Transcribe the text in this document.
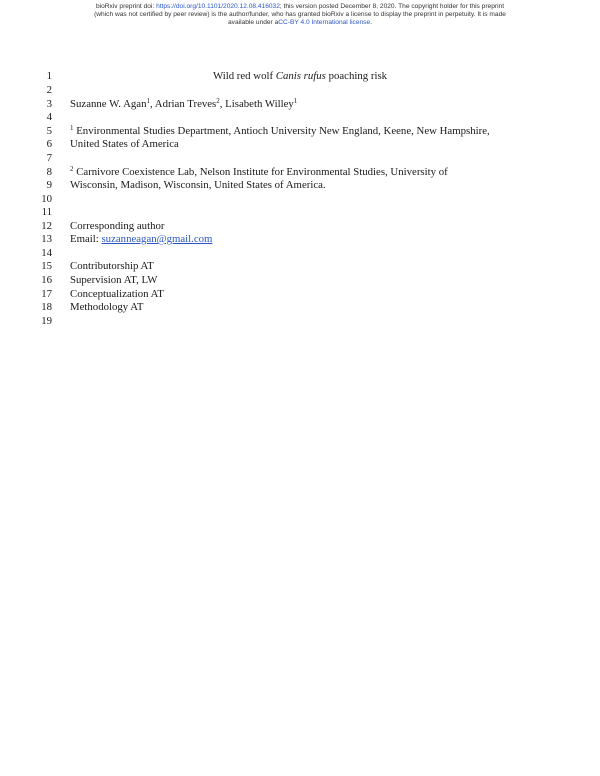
bioRxiv preprint doi: https://doi.org/10.1101/2020.12.08.416032; this version posted December 8, 2020. The copyright holder for this preprint
(which was not certified by peer review) is the author/funder, who has granted bioRxiv a license to display the preprint in perpetuity. It is made
available under aCC-BY 4.0 International license.
1
2
3
4
5
6
7
8
9
10
11
12
13
14
15
16
17
18
19
Wild red wolf Canis rufus poaching risk
Suzanne W. Agan$^1$, Adrian Treves$^2$, Lisabeth Willey$^1$
$^1$ Environmental Studies Department, Antioch University New England, Keene, New Hampshire,
United States of America
$^2$ Carnivore Coexistence Lab, Nelson Institute for Environmental Studies, University of
Wisconsin, Madison, Wisconsin, United States of America.
Corresponding author
Email: suzanneagan@gmail.com
Contributorship AT
Supervision AT, LW
Conceptualization AT
Methodology AT
